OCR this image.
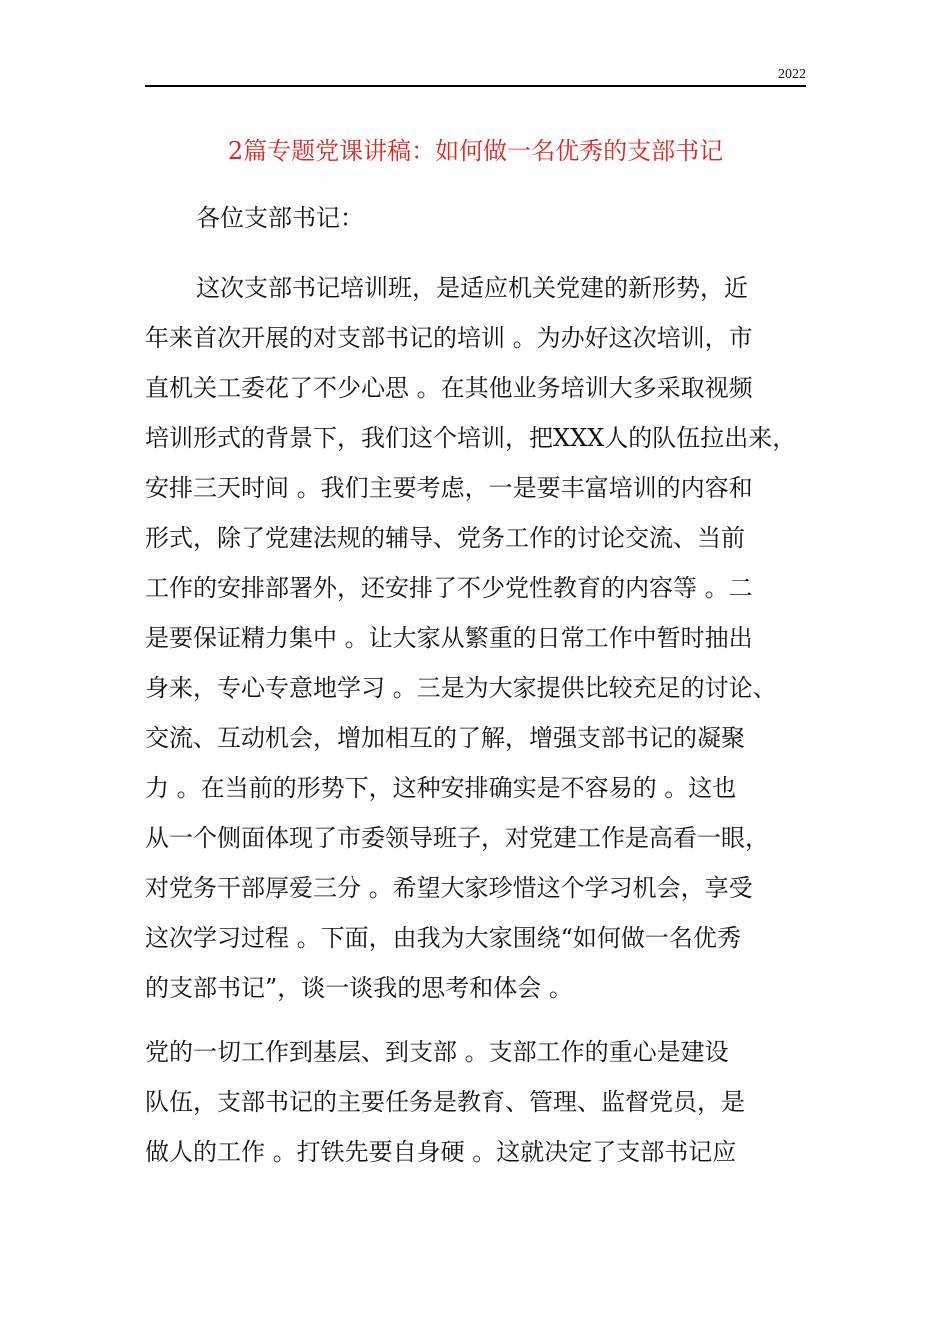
2022
2篇专题党课讲稿：如何做一名优秀的支部书记
各位支部书记：
这次支部书记培训班，是适应机关党建的新形势，近
年来首次开展的对支部书记的培训 。为办好这次培训，市
直机关工委花了不少心思 。在其他业务培训大多采取视频
培训形式的背景下，我们这个培训，把XXX人的队伍拉出来，
安排三天时间 。我们主要考虑，一是要丰富培训的内容和
形式，除了党建法规的辅导、党务工作的讨论交流、当前
工作的安排部署外，还安排了不少党性教育的内容等 。二
是要保证精力集中 。让大家从繁重的日常工作中暂时抽出
身来，专心专意地学习 。三是为大家提供比较充足的讨论、
交流、互动机会，增加相互的了解，增强支部书记的凝聚
力 。在当前的形势下，这种安排确实是不容易的 。这也
从一个侧面体现了市委领导班子，对党建工作是高看一眼，
对党务干部厚爱三分 。希望大家珍惜这个学习机会，享受
这次学习过程 。下面，由我为大家围绕“如何做一名优秀
的支部书记”，谈一谈我的思考和体会 。
党的一切工作到基层、到支部 。支部工作的重心是建设
队伍，支部书记的主要任务是教育、管理、监督党员，是
做人的工作 。打铁先要自身硬 。这就决定了支部书记应
